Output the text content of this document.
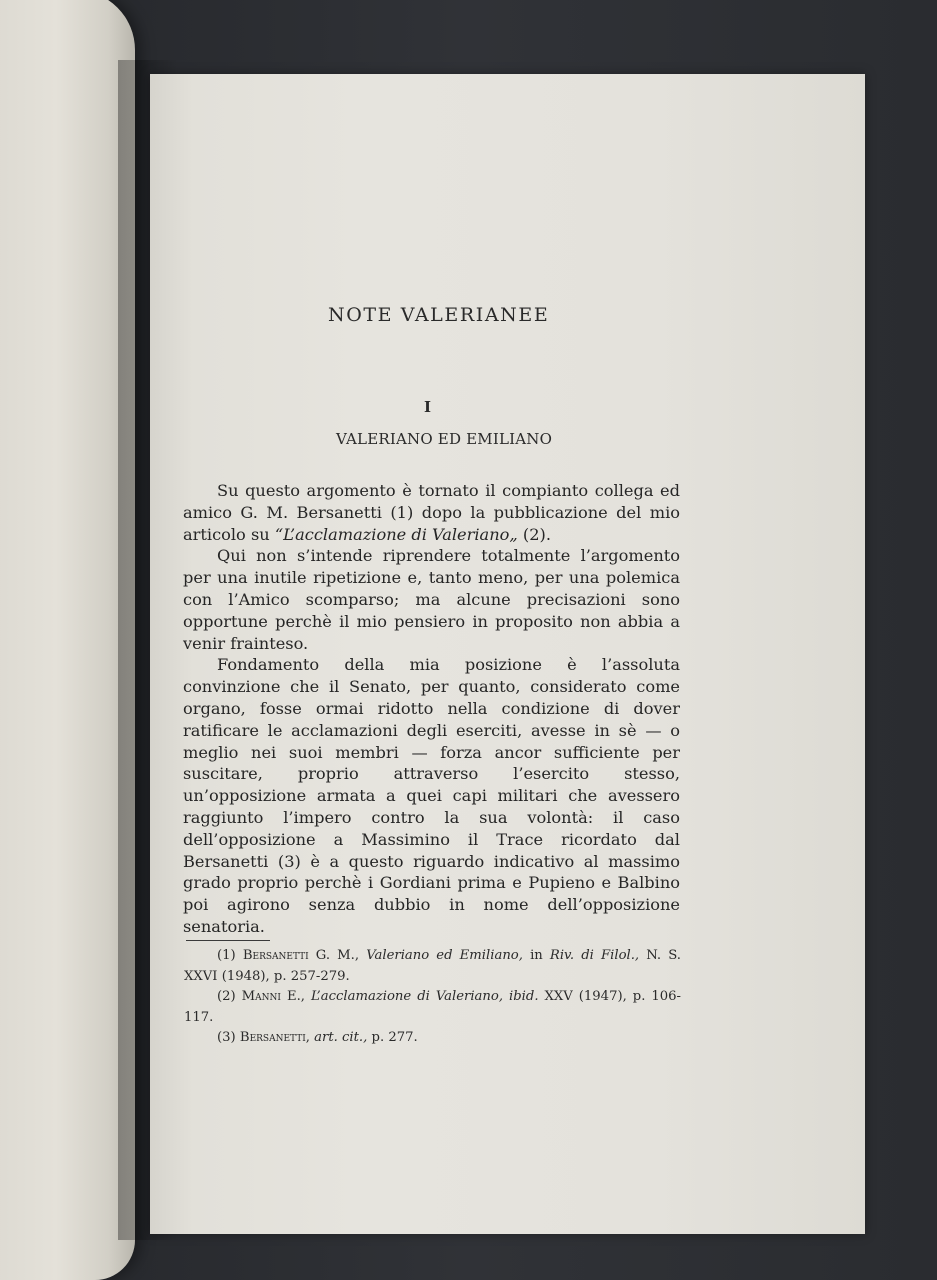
NOTE VALERIANEE
I
VALERIANO ED EMILIANO

Su questo argomento è tornato il compianto collega ed amico G. M. Bersanetti (1) dopo la pubblicazione del mio articolo su “L’acclamazione di Valeriano„ (2).

Qui non s’intende riprendere totalmente l’argomento per una inutile ripetizione e, tanto meno, per una polemica con l’Amico scomparso; ma alcune precisazioni sono opportune perchè il mio pensiero in proposito non abbia a venir frainteso.

Fondamento della mia posizione è l’assoluta convinzione che il Senato, per quanto, considerato come organo, fosse ormai ridotto nella condizione di dover ratificare le acclamazioni degli eserciti, avesse in sè — o meglio nei suoi membri — forza ancor sufficiente per suscitare, proprio attraverso l’esercito stesso, un’opposizione armata a quei capi militari che avessero raggiunto l’impero contro la sua volontà: il caso dell’opposizione a Massimino il Trace ricordato dal Bersanetti (3) è a questo riguardo indicativo al massimo grado proprio perchè i Gordiani prima e Pupieno e Balbino poi agirono senza dubbio in nome dell’opposizione senatoria.

(1) Bersanetti G. M., Valeriano ed Emiliano, in Riv. di Filol., N. S. XXVI (1948), p. 257-279.

(2) Manni E., L’acclamazione di Valeriano, ibid. XXV (1947), p. 106-117.

(3) Bersanetti, art. cit., p. 277.
